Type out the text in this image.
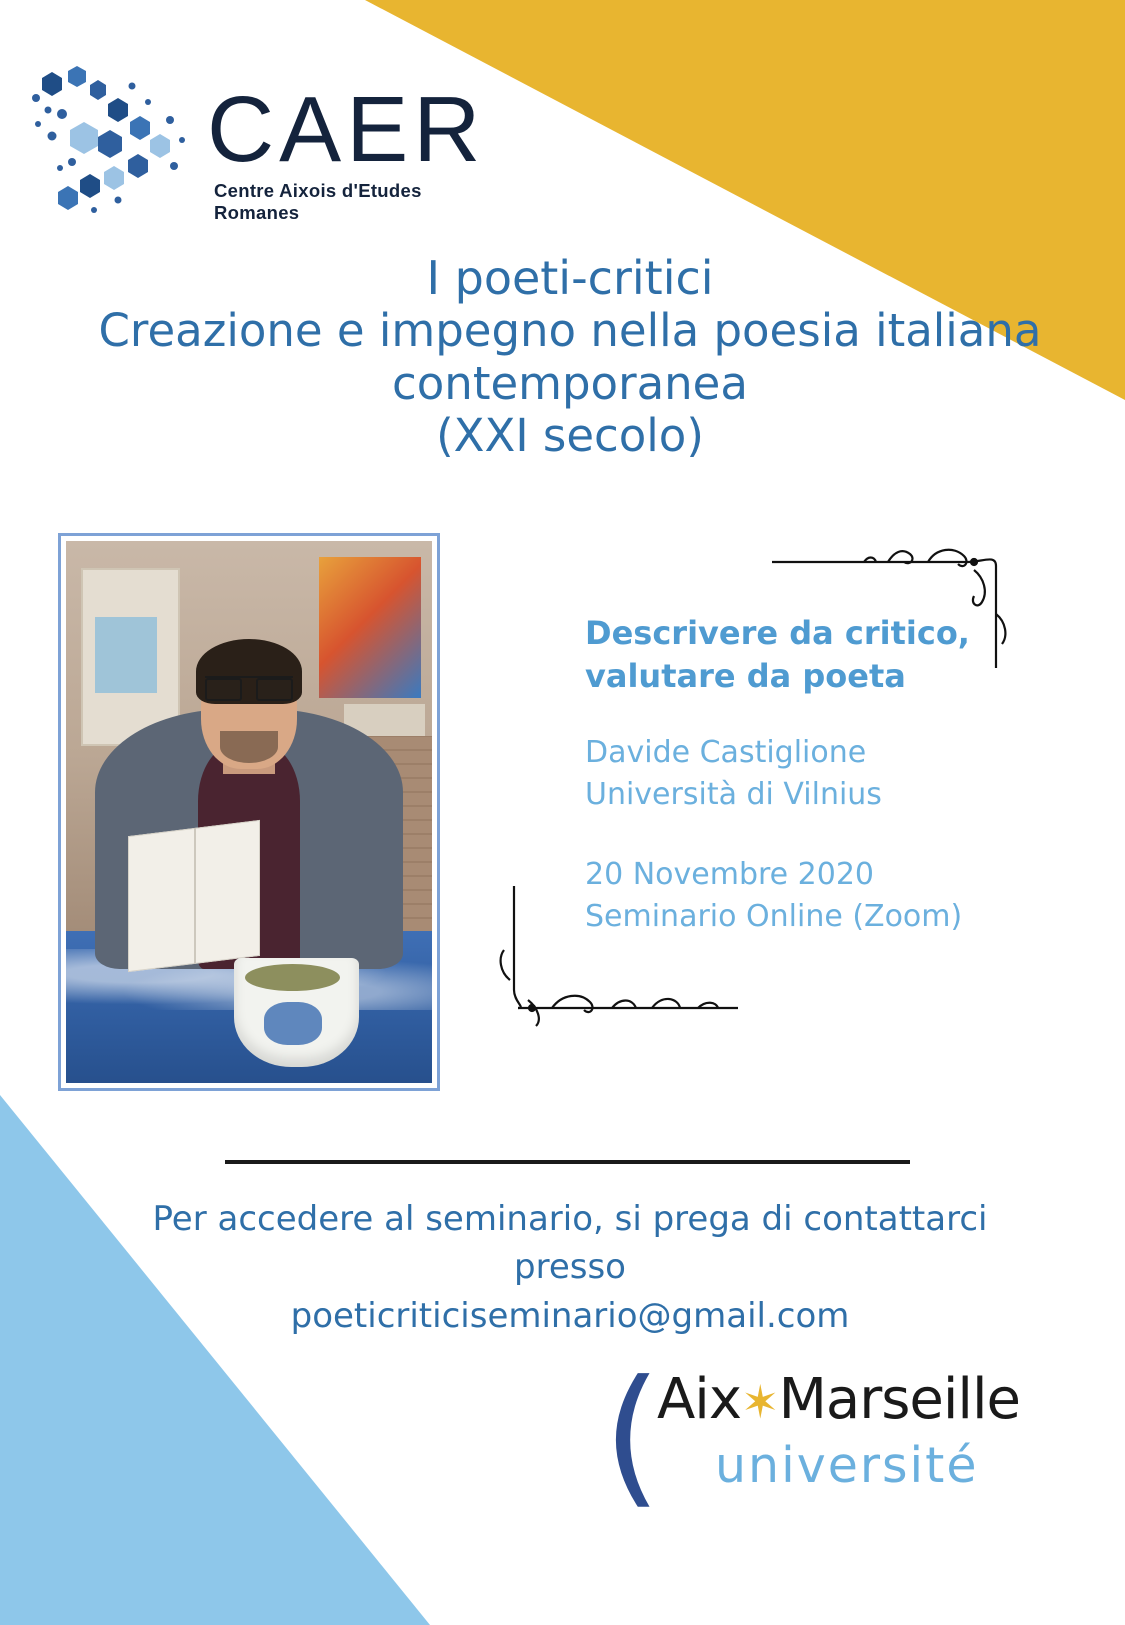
CAER
Centre Aixois d'Etudes Romanes
I poeti-critici
Creazione e impegno nella poesia italiana
contemporanea
(XXI secolo)
Descrivere da critico,
valutare da poeta
Davide Castiglione
Università di Vilnius
20 Novembre 2020
Seminario Online (Zoom)
Per accedere al seminario, si prega di contattarci presso
poeticriticiseminario@gmail.com
(
Aix✶Marseille
université
